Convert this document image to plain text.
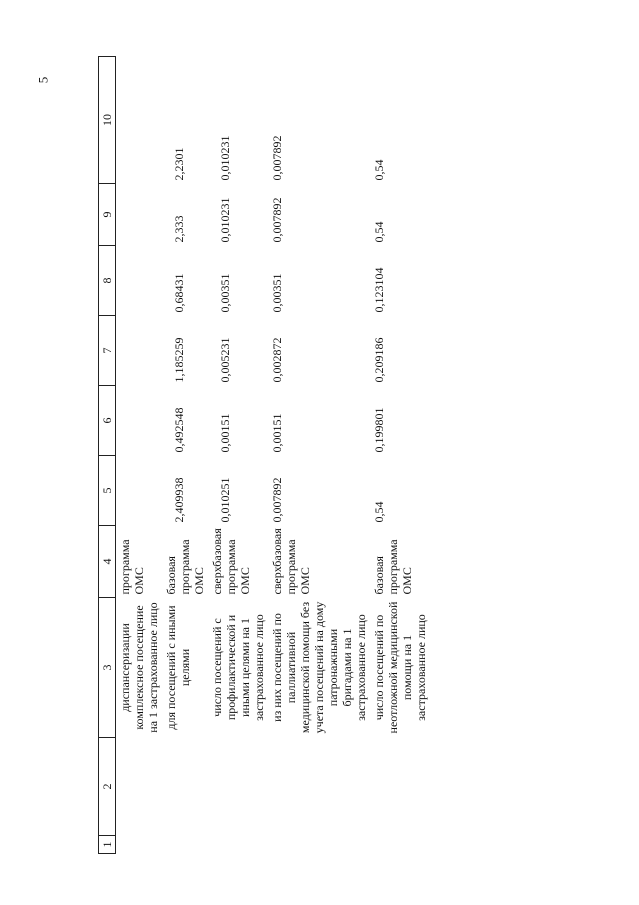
5
1	2	3	4	5	6	7	8	9	10
		диспансеризации комплексное посещение на 1 застрахованное лицо	программа ОМС						
		для посещений с иными целями	базовая программа ОМС	2,409938	0,492548	1,185259	0,68431	2,333	2,2301
		число посещений с профилактической и иными целями на 1 застрахованное лицо	сверхбазовая программа ОМС	0,010251	0,00151	0,005231	0,00351	0,010231	0,010231
		из них посещений по паллиативной медицинской помощи без учета посещений на дому патронажными бригадами на 1 застрахованное лицо	сверхбазовая программа ОМС	0,007892	0,00151	0,002872	0,00351	0,007892	0,007892
		число посещений по неотложной медицинской помощи на 1 застрахованное лицо	базовая программа ОМС	0,54	0,199801	0,209186	0,123104	0,54	0,54
